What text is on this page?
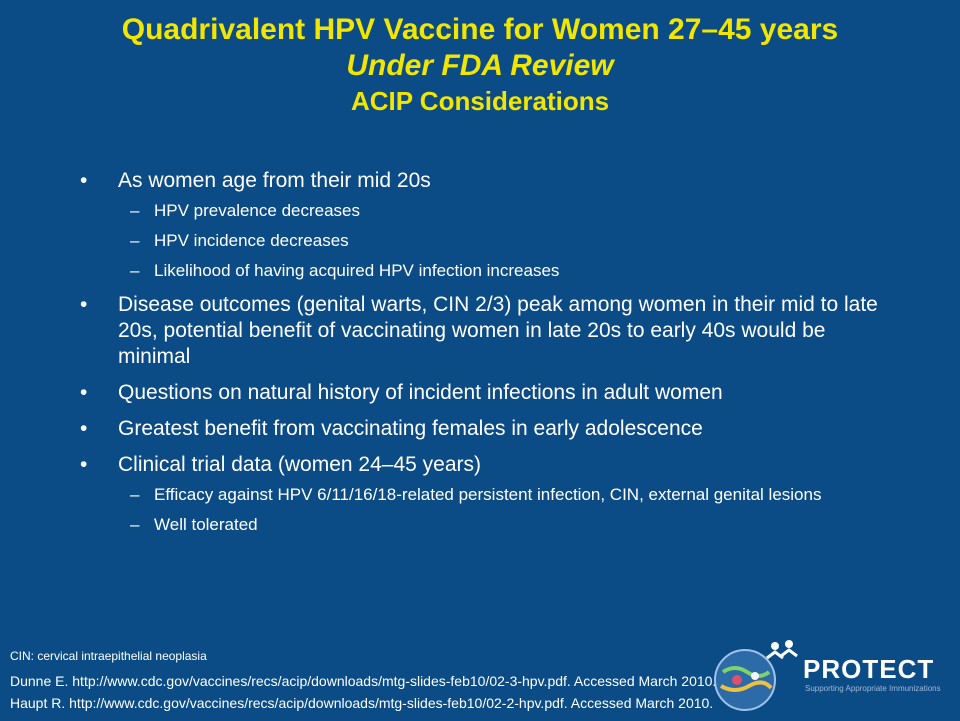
Quadrivalent HPV Vaccine for Women 27–45 years
Under FDA Review
ACIP Considerations
• As women age from their mid 20s
– HPV prevalence decreases
– HPV incidence decreases
– Likelihood of having acquired HPV infection increases
• Disease outcomes (genital warts, CIN 2/3) peak among women in their mid to late 20s, potential benefit of vaccinating women in late 20s to early 40s would be minimal
• Questions on natural history of incident infections in adult women
• Greatest benefit from vaccinating females in early adolescence
• Clinical trial data (women 24–45 years)
– Efficacy against HPV 6/11/16/18-related persistent infection, CIN, external genital lesions
– Well tolerated
CIN: cervical intraepithelial neoplasia	PROTECT
Supporting Appropriate Immunizations
Dunne E. http://www.cdc.gov/vaccines/recs/acip/downloads/mtg-slides-feb10/02-3-hpv.pdf. Accessed March 2010.
Haupt R. http://www.cdc.gov/vaccines/recs/acip/downloads/mtg-slides-feb10/02-2-hpv.pdf. Accessed March 2010.
